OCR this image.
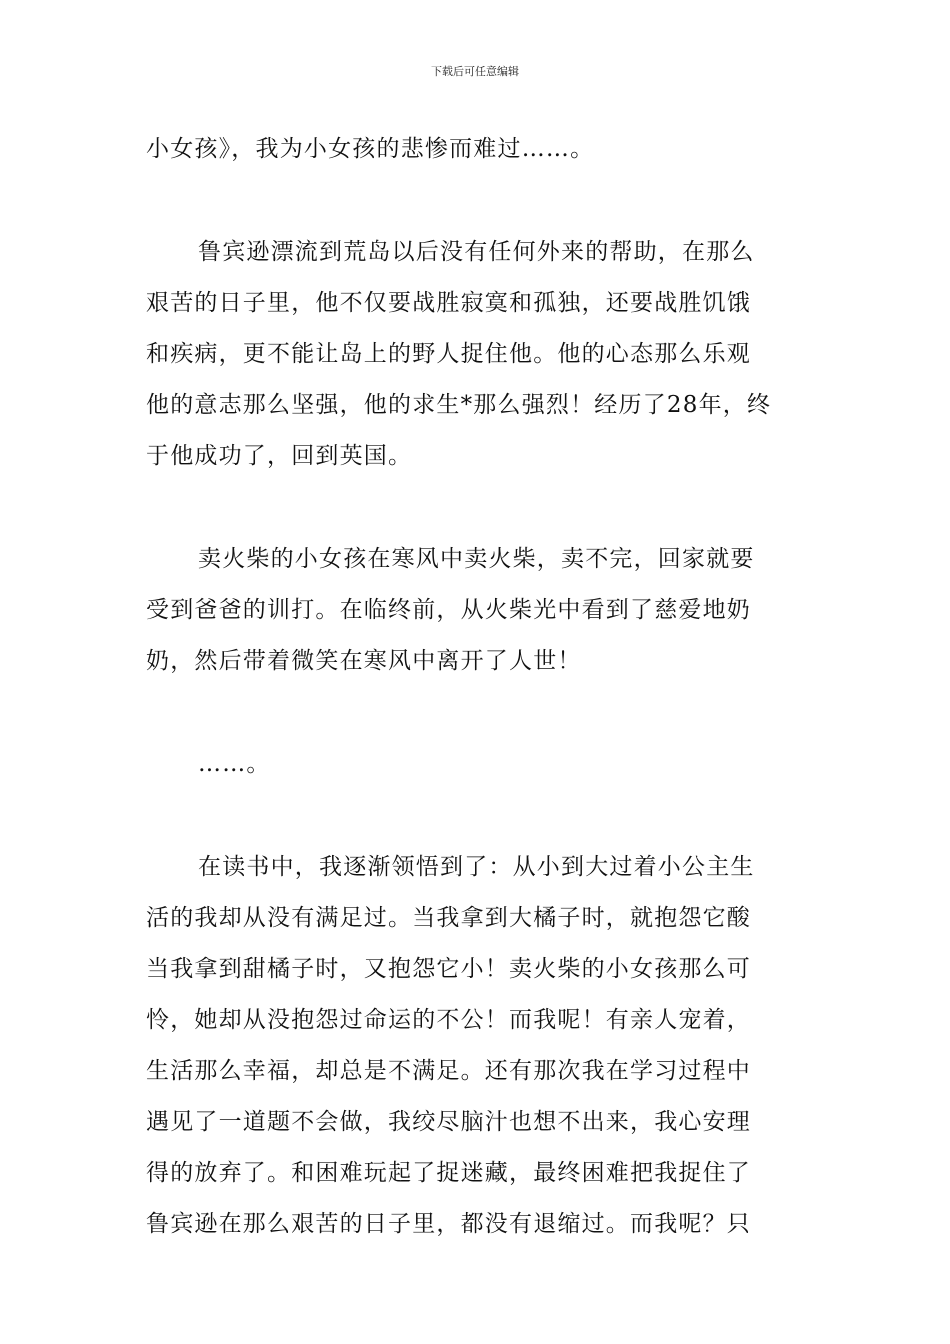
下载后可任意编辑

小女孩》，我为小女孩的悲惨而难过……。

鲁宾逊漂流到荒岛以后没有任何外来的帮助，在那么
艰苦的日子里，他不仅要战胜寂寞和孤独，还要战胜饥饿
和疾病，更不能让岛上的野人捉住他。他的心态那么乐观
他的意志那么坚强，他的求生*那么强烈！经历了28年，终
于他成功了，回到英国。

卖火柴的小女孩在寒风中卖火柴，卖不完，回家就要
受到爸爸的训打。在临终前，从火柴光中看到了慈爱地奶
奶，然后带着微笑在寒风中离开了人世！

……。

在读书中，我逐渐领悟到了：从小到大过着小公主生
活的我却从没有满足过。当我拿到大橘子时，就抱怨它酸
当我拿到甜橘子时，又抱怨它小！卖火柴的小女孩那么可
怜，她却从没抱怨过命运的不公！而我呢！有亲人宠着，
生活那么幸福，却总是不满足。还有那次我在学习过程中
遇见了一道题不会做，我绞尽脑汁也想不出来，我心安理
得的放弃了。和困难玩起了捉迷藏，最终困难把我捉住了
鲁宾逊在那么艰苦的日子里，都没有退缩过。而我呢？只
